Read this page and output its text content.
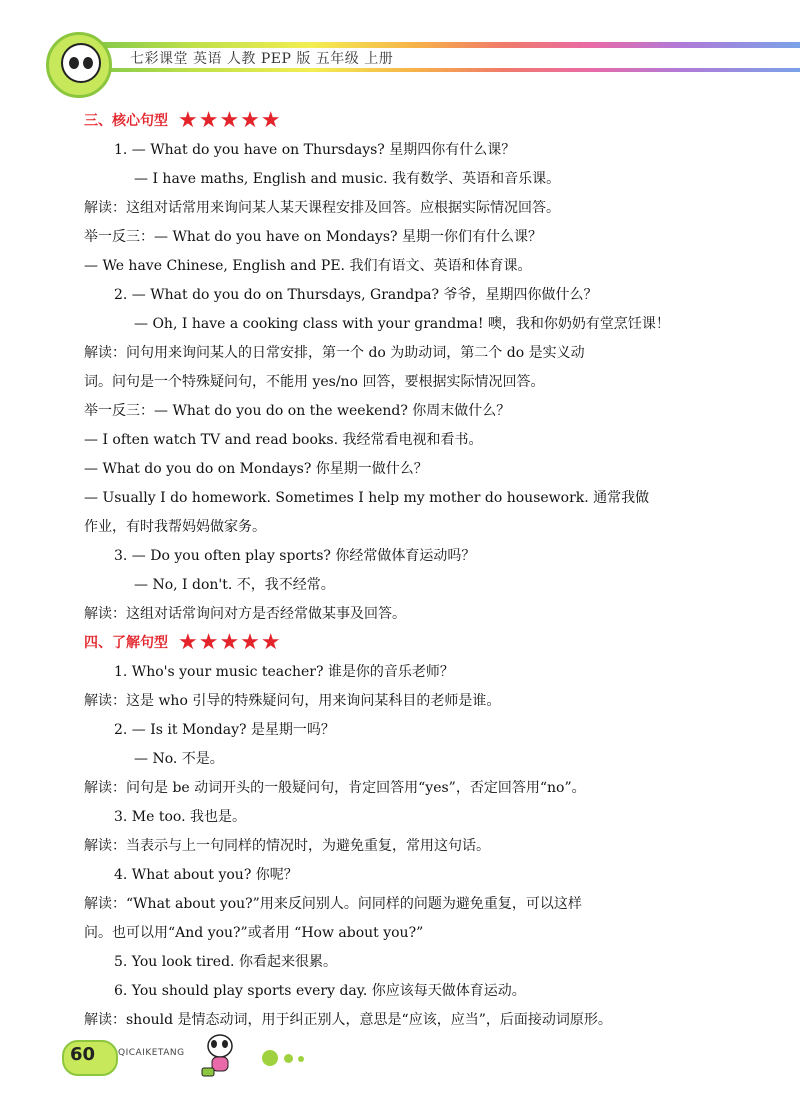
七彩课堂 英语 人教 PEP 版 五年级 上册
三、核心句型 ★★★★★
1. — What do you have on Thursdays? 星期四你有什么课？
— I have maths, English and music. 我有数学、英语和音乐课。
解读：这组对话常用来询问某人某天课程安排及回答。应根据实际情况回答。
举一反三：— What do you have on Mondays? 星期一你们有什么课？
— We have Chinese, English and PE. 我们有语文、英语和体育课。
2. — What do you do on Thursdays, Grandpa? 爷爷，星期四你做什么？
— Oh, I have a cooking class with your grandma! 噢，我和你奶奶有堂烹饪课！
解读：问句用来询问某人的日常安排，第一个 do 为助动词，第二个 do 是实义动
词。问句是一个特殊疑问句，不能用 yes/no 回答，要根据实际情况回答。
举一反三：— What do you do on the weekend? 你周末做什么？
— I often watch TV and read books. 我经常看电视和看书。
— What do you do on Mondays? 你星期一做什么？
— Usually I do homework. Sometimes I help my mother do housework. 通常我做
作业，有时我帮妈妈做家务。
3. — Do you often play sports? 你经常做体育运动吗？
— No, I don't. 不，我不经常。
解读：这组对话常询问对方是否经常做某事及回答。
四、了解句型 ★★★★★
1. Who's your music teacher? 谁是你的音乐老师？
解读：这是 who 引导的特殊疑问句，用来询问某科目的老师是谁。
2. — Is it Monday? 是星期一吗？
— No. 不是。
解读：问句是 be 动词开头的一般疑问句，肯定回答用“yes”，否定回答用“no”。
3. Me too. 我也是。
解读：当表示与上一句同样的情况时，为避免重复，常用这句话。
4. What about you? 你呢？
解读：“What about you?”用来反问别人。问同样的问题为避免重复，可以这样
问。也可以用“And you?”或者用 “How about you?”
5. You look tired. 你看起来很累。
6. You should play sports every day. 你应该每天做体育运动。
解读：should 是情态动词，用于纠正别人，意思是“应该，应当”，后面接动词原形。
60	QICAIKETANG
